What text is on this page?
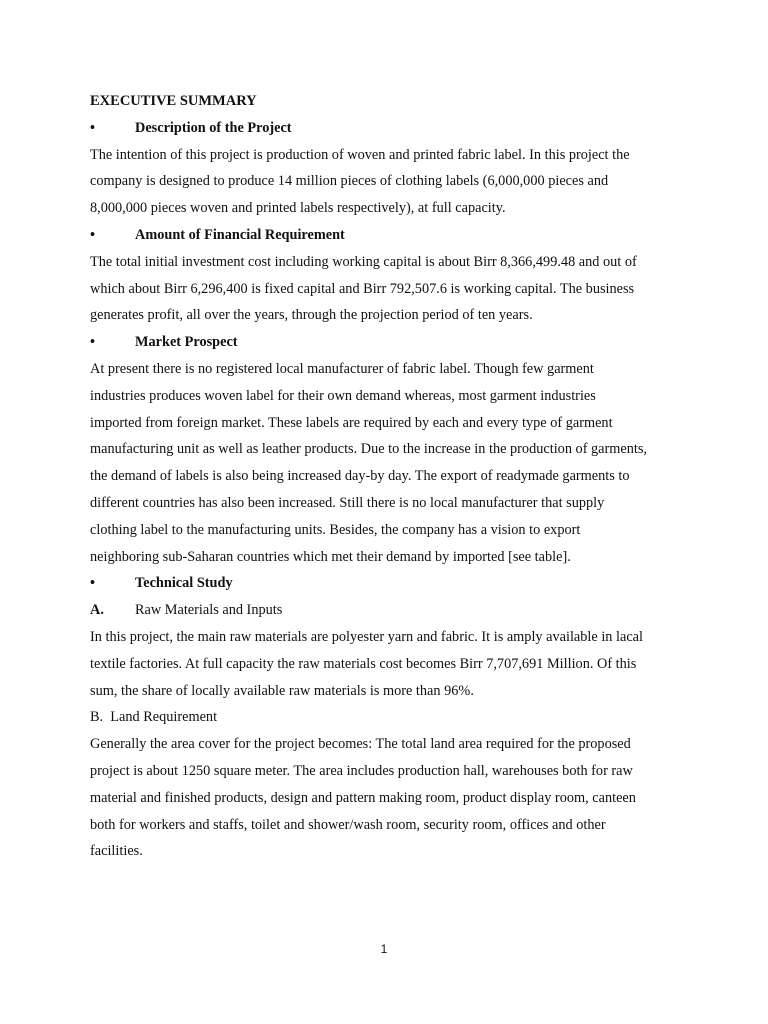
EXECUTIVE SUMMARY

•	Description of the Project

The intention of this project is production of woven and printed fabric label. In this project the
company is designed to produce 14 million pieces of clothing labels (6,000,000 pieces and
8,000,000 pieces woven and printed labels respectively), at full capacity.

•	Amount of Financial Requirement

The total initial investment cost including working capital is about Birr 8,366,499.48 and out of
which about Birr 6,296,400 is fixed capital and Birr 792,507.6 is working capital. The business
generates profit, all over the years, through the projection period of ten years.

•	Market Prospect

At present there is no registered local manufacturer of fabric label. Though few garment
industries produces woven label for their own demand whereas, most garment industries
imported from foreign market. These labels are required by each and every type of garment
manufacturing unit as well as leather products. Due to the increase in the production of garments,
the demand of labels is also being increased day-by day. The export of readymade garments to
different countries has also been increased. Still there is no local manufacturer that supply
clothing label to the manufacturing units. Besides, the company has a vision to export
neighboring sub-Saharan countries which met their demand by imported [see table].

•	Technical Study
A.	Raw Materials and Inputs

In this project, the main raw materials are polyester yarn and fabric. It is amply available in lacal
textile factories. At full capacity the raw materials cost becomes Birr 7,707,691 Million. Of this
sum, the share of locally available raw materials is more than 96%.

B.  Land Requirement

Generally the area cover for the project becomes: The total land area required for the proposed
project is about 1250 square meter. The area includes production hall, warehouses both for raw
material and finished products, design and pattern making room, product display room, canteen
both for workers and staffs, toilet and shower/wash room, security room, offices and other
facilities.

1
